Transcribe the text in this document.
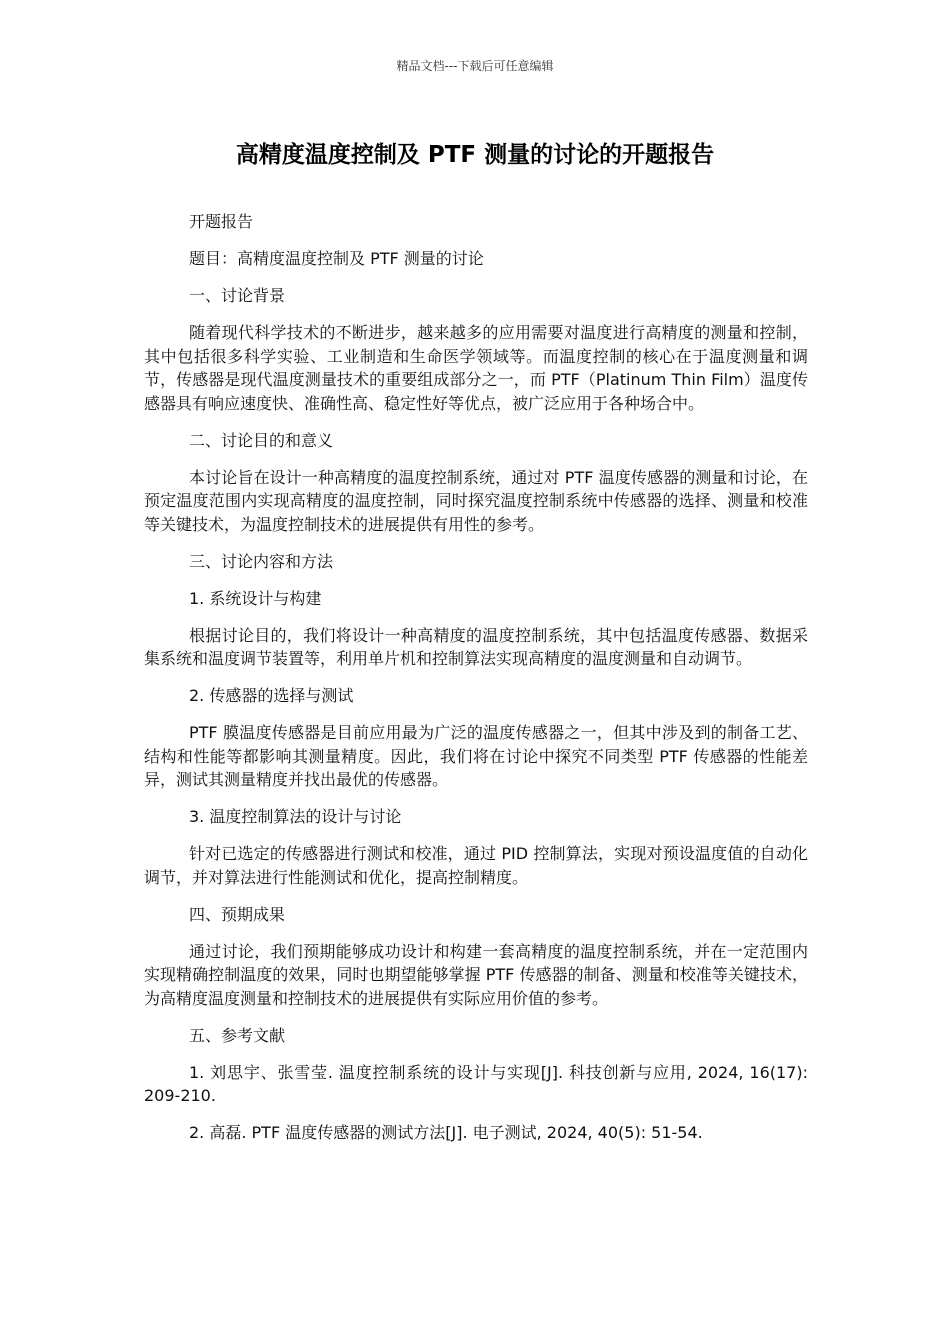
精品文档---下载后可任意编辑
高精度温度控制及 PTF 测量的讨论的开题报告

开题报告

题目：高精度温度控制及 PTF 测量的讨论

一、讨论背景

随着现代科学技术的不断进步，越来越多的应用需要对温度进行高精度的测量和控制，其中包括很多科学实验、工业制造和生命医学领域等。而温度控制的核心在于温度测量和调节，传感器是现代温度测量技术的重要组成部分之一，而 PTF（Platinum Thin Film）温度传感器具有响应速度快、准确性高、稳定性好等优点，被广泛应用于各种场合中。

二、讨论目的和意义

本讨论旨在设计一种高精度的温度控制系统，通过对 PTF 温度传感器的测量和讨论，在预定温度范围内实现高精度的温度控制，同时探究温度控制系统中传感器的选择、测量和校准等关键技术，为温度控制技术的进展提供有用性的参考。

三、讨论内容和方法

1. 系统设计与构建

根据讨论目的，我们将设计一种高精度的温度控制系统，其中包括温度传感器、数据采集系统和温度调节装置等，利用单片机和控制算法实现高精度的温度测量和自动调节。

2. 传感器的选择与测试

PTF 膜温度传感器是目前应用最为广泛的温度传感器之一，但其中涉及到的制备工艺、结构和性能等都影响其测量精度。因此，我们将在讨论中探究不同类型 PTF 传感器的性能差异，测试其测量精度并找出最优的传感器。

3. 温度控制算法的设计与讨论

针对已选定的传感器进行测试和校准，通过 PID 控制算法，实现对预设温度值的自动化调节，并对算法进行性能测试和优化，提高控制精度。

四、预期成果

通过讨论，我们预期能够成功设计和构建一套高精度的温度控制系统，并在一定范围内实现精确控制温度的效果，同时也期望能够掌握 PTF 传感器的制备、测量和校准等关键技术，为高精度温度测量和控制技术的进展提供有实际应用价值的参考。

五、参考文献

1. 刘思宇、张雪莹. 温度控制系统的设计与实现[J]. 科技创新与应用, 2024, 16(17): 209-210.

2. 高磊. PTF 温度传感器的测试方法[J]. 电子测试, 2024, 40(5): 51-54.
